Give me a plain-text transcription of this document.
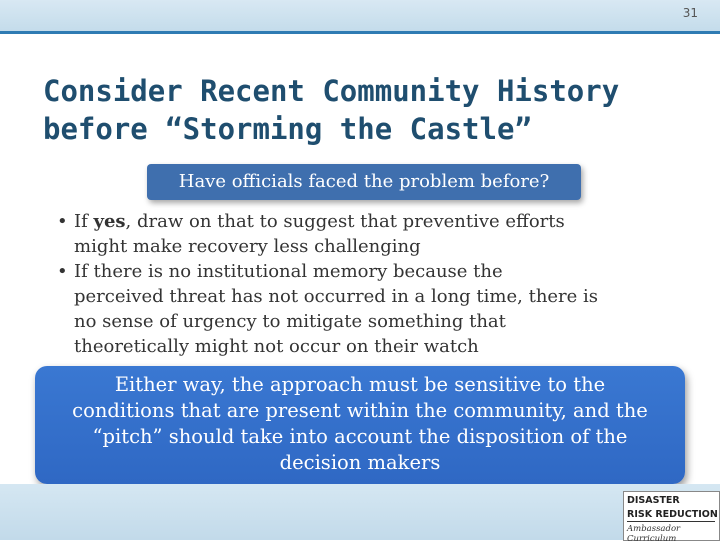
31
Consider Recent Community History
before “Storming the Castle”
Have officials faced the problem before?
• If yes, draw on that to suggest that preventive efforts
might make recovery less challenging
• If there is no institutional memory because the
perceived threat has not occurred in a long time, there is
no sense of urgency to mitigate something that
theoretically might not occur on their watch
Either way, the approach must be sensitive to the
conditions that are present within the community, and the
“pitch” should take into account the disposition of the
decision makers
DISASTER
RISK REDUCTION
Ambassador Curriculum
